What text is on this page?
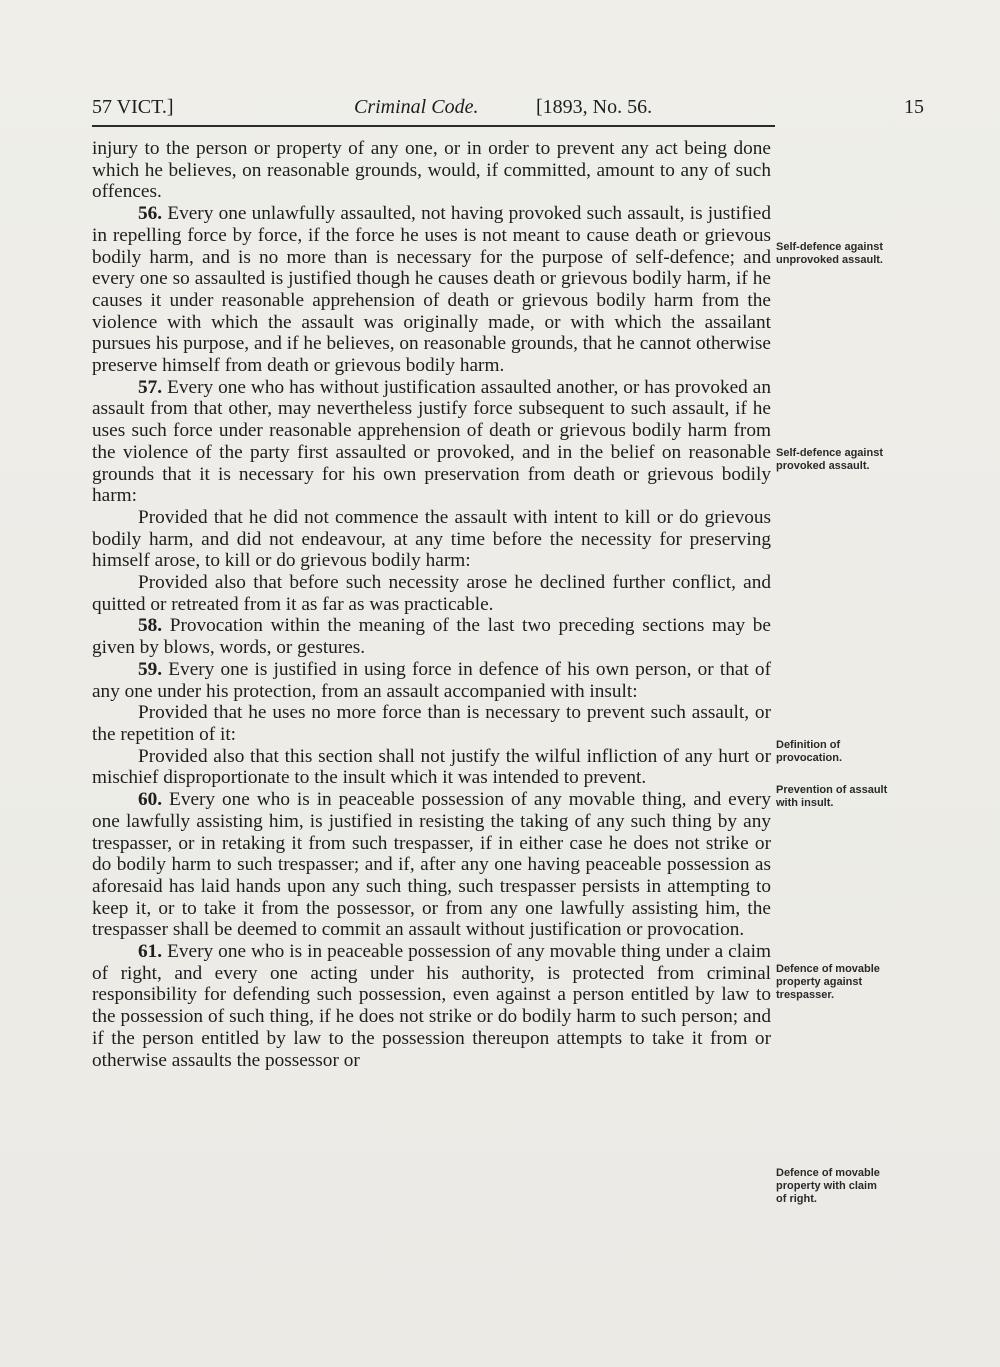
57 VICT.]	Criminal Code.	[1893, No. 56.	15

injury to the person or property of any one, or in order to prevent any act being done which he believes, on reasonable grounds, would, if committed, amount to any of such offences.

56. Every one unlawfully assaulted, not having provoked such assault, is justified in repelling force by force, if the force he uses is not meant to cause death or grievous bodily harm, and is no more than is necessary for the purpose of self-defence; and every one so assaulted is justified though he causes death or grievous bodily harm, if he causes it under reasonable apprehension of death or grievous bodily harm from the violence with which the assault was originally made, or with which the assailant pursues his purpose, and if he believes, on reasonable grounds, that he cannot otherwise preserve himself from death or grievous bodily harm.

57. Every one who has without justification assaulted another, or has provoked an assault from that other, may nevertheless justify force subsequent to such assault, if he uses such force under reasonable apprehension of death or grievous bodily harm from the violence of the party first assaulted or provoked, and in the belief on reasonable grounds that it is necessary for his own preservation from death or grievous bodily harm:

Provided that he did not commence the assault with intent to kill or do grievous bodily harm, and did not endeavour, at any time before the necessity for preserving himself arose, to kill or do grievous bodily harm:

Provided also that before such necessity arose he declined further conflict, and quitted or retreated from it as far as was practicable.

58. Provocation within the meaning of the last two preceding sections may be given by blows, words, or gestures.

59. Every one is justified in using force in defence of his own person, or that of any one under his protection, from an assault accompanied with insult:

Provided that he uses no more force than is necessary to prevent such assault, or the repetition of it:

Provided also that this section shall not justify the wilful infliction of any hurt or mischief disproportionate to the insult which it was intended to prevent.

60. Every one who is in peaceable possession of any movable thing, and every one lawfully assisting him, is justified in resisting the taking of any such thing by any trespasser, or in retaking it from such trespasser, if in either case he does not strike or do bodily harm to such trespasser; and if, after any one having peaceable possession as aforesaid has laid hands upon any such thing, such trespasser persists in attempting to keep it, or to take it from the possessor, or from any one lawfully assisting him, the trespasser shall be deemed to commit an assault without justification or provocation.

61. Every one who is in peaceable possession of any movable thing under a claim of right, and every one acting under his authority, is protected from criminal responsibility for defending such possession, even against a person entitled by law to the possession of such thing, if he does not strike or do bodily harm to such person; and if the person entitled by law to the possession thereupon attempts to take it from or otherwise assaults the possessor or

Self-defence against
unprovoked assault.
Self-defence against
provoked assault.
Definition of
provocation.
Prevention of assault
with insult.
Defence of movable
property against
trespasser.
Defence of movable
property with claim
of right.
